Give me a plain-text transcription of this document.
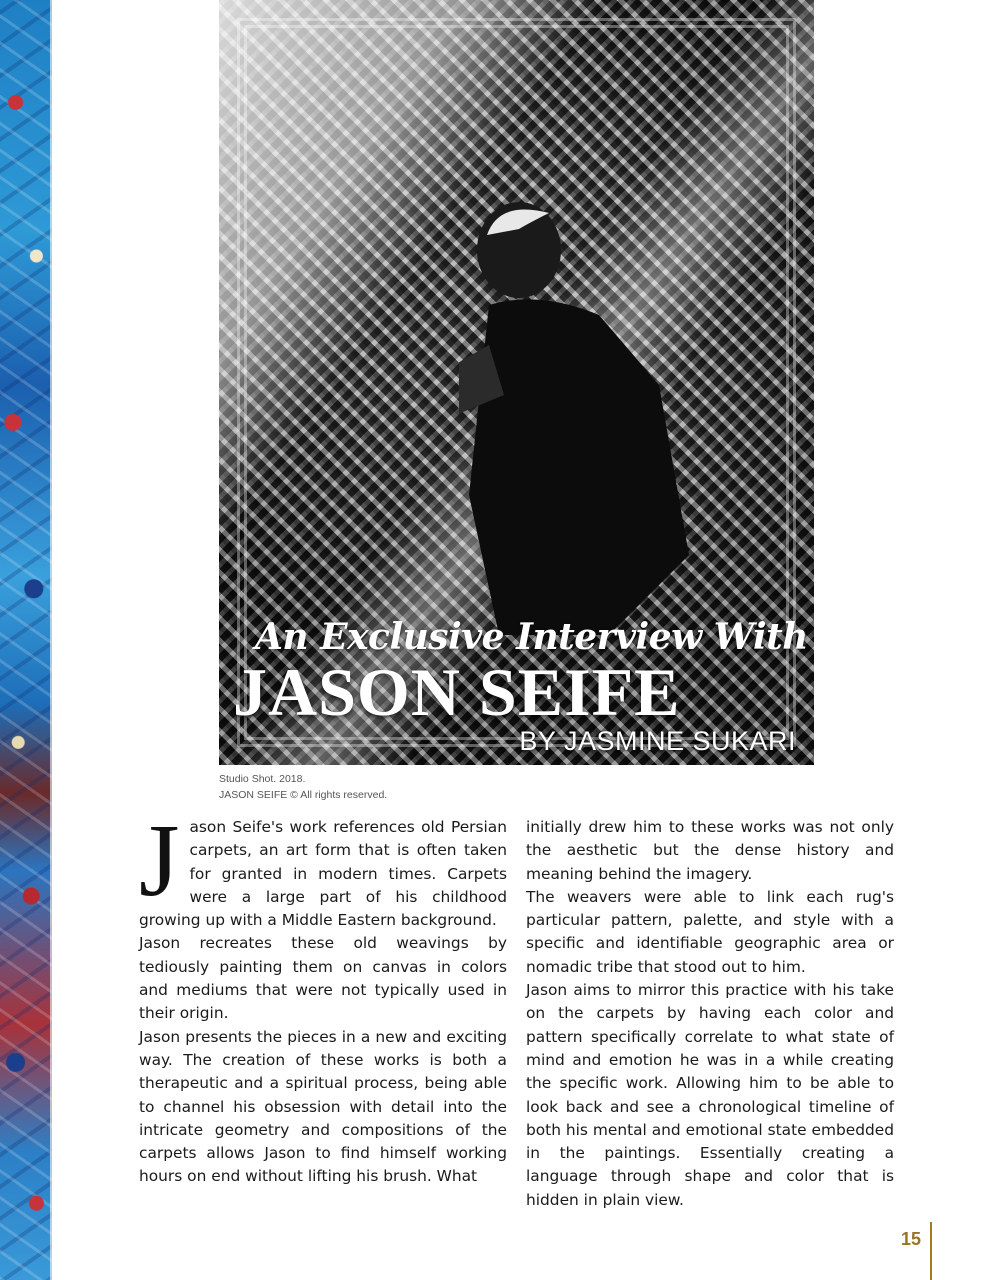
An Exclusive Interview With
JASON SEIFE
BY JASMINE SUKARI
Studio Shot. 2018.
JASON SEIFE © All rights reserved.
J ason Seife's work references old Persian carpets, an art form that is often taken for granted in modern times. Carpets were a large part of his childhood growing up with a Middle Eastern background.

Jason recreates these old weavings by tediously painting them on canvas in colors and mediums that were not typically used in their origin.

Jason presents the pieces in a new and exciting way. The creation of these works is both a therapeutic and a spiritual process, being able to channel his obsession with detail into the intricate geometry and compositions of the carpets allows Jason to find himself working hours on end without lifting his brush. What

initially drew him to these works was not only the aesthetic but the dense history and meaning behind the imagery.

The weavers were able to link each rug's particular pattern, palette, and style with a specific and identifiable geographic area or nomadic tribe that stood out to him.

Jason aims to mirror this practice with his take on the carpets by having each color and pattern specifically correlate to what state of mind and emotion he was in a while creating the specific work. Allowing him to be able to look back and see a chronological timeline of both his mental and emotional state embedded in the paintings. Essentially creating a language through shape and color that is hidden in plain view.

15
